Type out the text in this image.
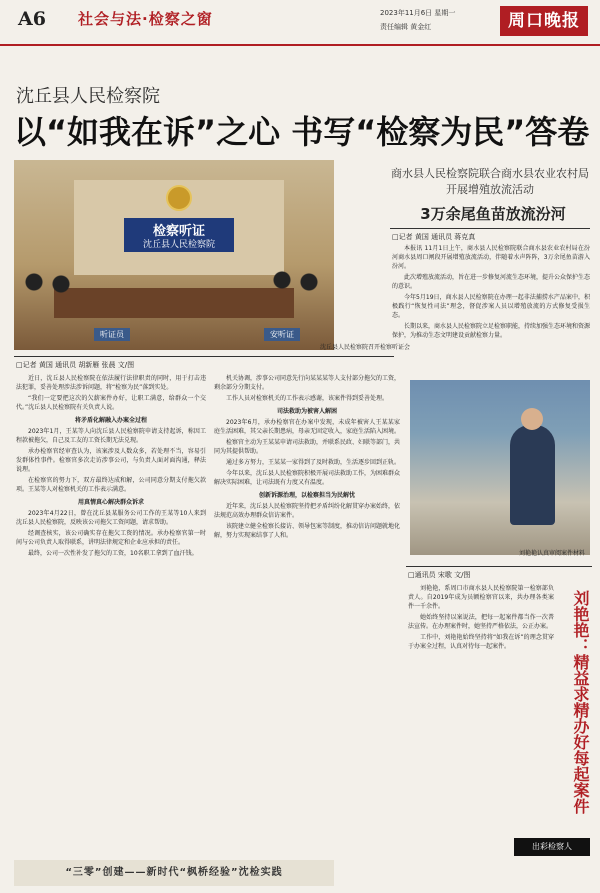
A6 社会与法·检察之窗	2023年11月6日 星期一
责任编辑 黄金红	周口晚报
沈丘县人民检察院
以“如我在诉”之心 书写“检察为民”答卷
检察听证
沈丘县人民检察院
听证员	安听证
沈丘县人民检察院召开检察听证会
商水县人民检察院联合商水县农业农村局开展增殖放流活动
3万余尾鱼苗放流汾河
□记者 黄国 通讯员 蒋克真

本报讯 11月1日上午，商水县人民检察院联合商水县农业农村局在汾河商水县周口闸段开展增殖放流活动，伴随着水声阵阵，3万余尾鱼苗游入汾河。

此次增殖放流活动，旨在进一步修复河流生态环境，提升公众保护生态的意识。

今年5月19日，商水县人民检察院在办理一起非法捕捞水产品案中，积极践行“恢复性司法”理念，督促涉案人员以增殖放流的方式修复受损生态。

长期以来，商水县人民检察院立足检察职能，持续加强生态环境和资源保护，为推动生态文明建设贡献检察力量。

刘艳艳认真审阅案件材料
□记者 黄国 通讯员 胡新雁 张晨 文/图

近日，沈丘县人民检察院在依法履行法律职责的同时，用于打击违法犯罪，妥善处理涉法涉诉问题，将“检察为民”落到实处。

“我们一定要把这次的欠薪案件办好，让职工满意，给群众一个交代。”沈丘县人民检察院有关负责人说。

将矛盾化解融入办案全过程

2023年1月，王某等人向沈丘县人民检察院申请支持起诉，称因工程款被拖欠，自己及工友的工资长期无法兑现。

承办检察官经审查认为，该案涉及人数众多，若处理不当，容易引发群体性事件。检察官多次走访涉事公司，与负责人面对面沟通，释法说理。

在检察官的努力下，双方最终达成和解，公司同意分期支付拖欠款项。王某等人对检察机关的工作表示满意。

用真情真心解决群众诉求

2023年4月22日，曾在沈丘县某服务公司工作的王某等10人来到沈丘县人民检察院，反映该公司拖欠工资问题，请求帮助。

经调查核实，该公司确实存在拖欠工资的情况。承办检察官第一时间与公司负责人取得联系，讲明法律规定和企业应承担的责任。

最终，公司一次性补发了拖欠的工资，10名职工拿到了血汗钱。

机关协调，涉事公司同意先行向某某某等人支付部分拖欠的工资，剩余部分分期支付。

工作人员对检察机关的工作表示感谢，该案件得到妥善处理。

司法救助为被害人解困

2023年6月，承办检察官在办案中发现，未成年被害人王某某家庭生活困难，其父亲长期患病，母亲无固定收入，家庭生活陷入困境。

检察官主动为王某某申请司法救助，并联系民政、妇联等部门，共同为其提供帮助。

通过多方努力，王某某一家得到了及时救助，生活逐步回到正轨。

今年以来，沈丘县人民检察院积极开展司法救助工作，为困难群众解决实际困难，让司法既有力度又有温度。

创新诉源治理，以检察担当为民解忧

近年来，沈丘县人民检察院坚持把矛盾纠纷化解贯穿办案始终，依法规范高效办理群众信访案件。

该院建立健全检察长接访、领导包案等制度，推动信访问题就地化解，努力实现案结事了人和。

□通讯员 宋歌 文/图

刘艳艳，系周口市商水县人民检察院第一检察部负责人。自2019年成为员额检察官以来，共办理各类案件一千余件。

她始终坚持以案说法，把每一起案件都当作一次普法宣传。在办理案件时，她坚持严格依法，公正办案。

工作中，刘艳艳始终坚持将“如我在诉”的理念贯穿于办案全过程，认真对待每一起案件。	刘艳艳：精益求精办好每起案件
出彩检察人
“三零”创建——新时代“枫桥经验”沈检实践
